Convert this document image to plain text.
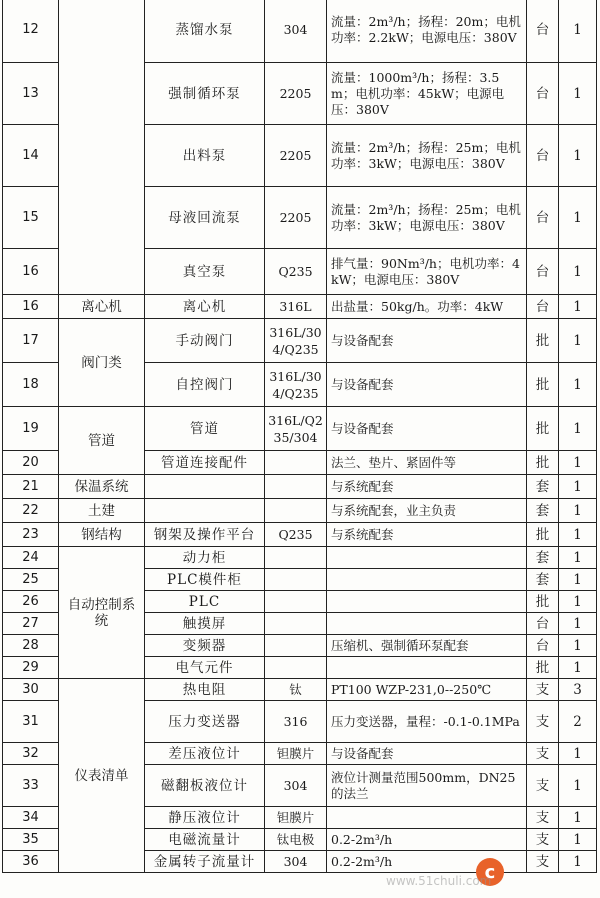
12		蒸馏水泵	304	流量：2m³/h；扬程：20m；电机功率：2.2kW；电源电压：380V	台	1
13		强制循环泵	2205	流量：1000m³/h；扬程：3.5m；电机功率：45kW；电源电压：380V	台	1
14		出料泵	2205	流量：2m³/h；扬程：25m；电机功率：3kW；电源电压：380V	台	1
15		母液回流泵	2205	流量：2m³/h；扬程：25m；电机功率：3kW；电源电压：380V	台	1
16		真空泵	Q235	排气量：90Nm³/h；电机功率：4kW；电源电压：380V	台	1
16	离心机	离心机	316L	出盐量：50kg/h。功率：4kW	台	1
17	阀门类	手动阀门	316L/304/Q235	与设备配套	批	1
18		自控阀门	316L/304/Q235	与设备配套	批	1
19	管道	管道	316L/Q235/304	与设备配套	批	1
20		管道连接配件		法兰、垫片、紧固件等	批	1
21	保温系统			与系统配套	套	1
22	土建			与系统配套，业主负责	套	1
23	钢结构	钢架及操作平台	Q235	与系统配套	批	1
24	自动控制系统	动力柜			套	1
25		PLC模件柜			套	1
26		PLC			批	1
27		触摸屏			台	1
28		变频器		压缩机、强制循环泵配套	台	1
29		电气元件			批	1
30	仪表清单	热电阻	钛	PT100 WZP-231,0--250℃	支	3
31		压力变送器	316	压力变送器，量程：-0.1-0.1MPa	支	2
32		差压液位计	钽膜片	与设备配套	支	1
33		磁翻板液位计	304	液位计测量范围500mm，DN25的法兰	支	1
34		静压液位计	钽膜片		支	1
35		电磁流量计	钛电极	0.2-2m³/h	支	1
36		金属转子流量计	304	0.2-2m³/h	支	1
c
www.51chuli.com
